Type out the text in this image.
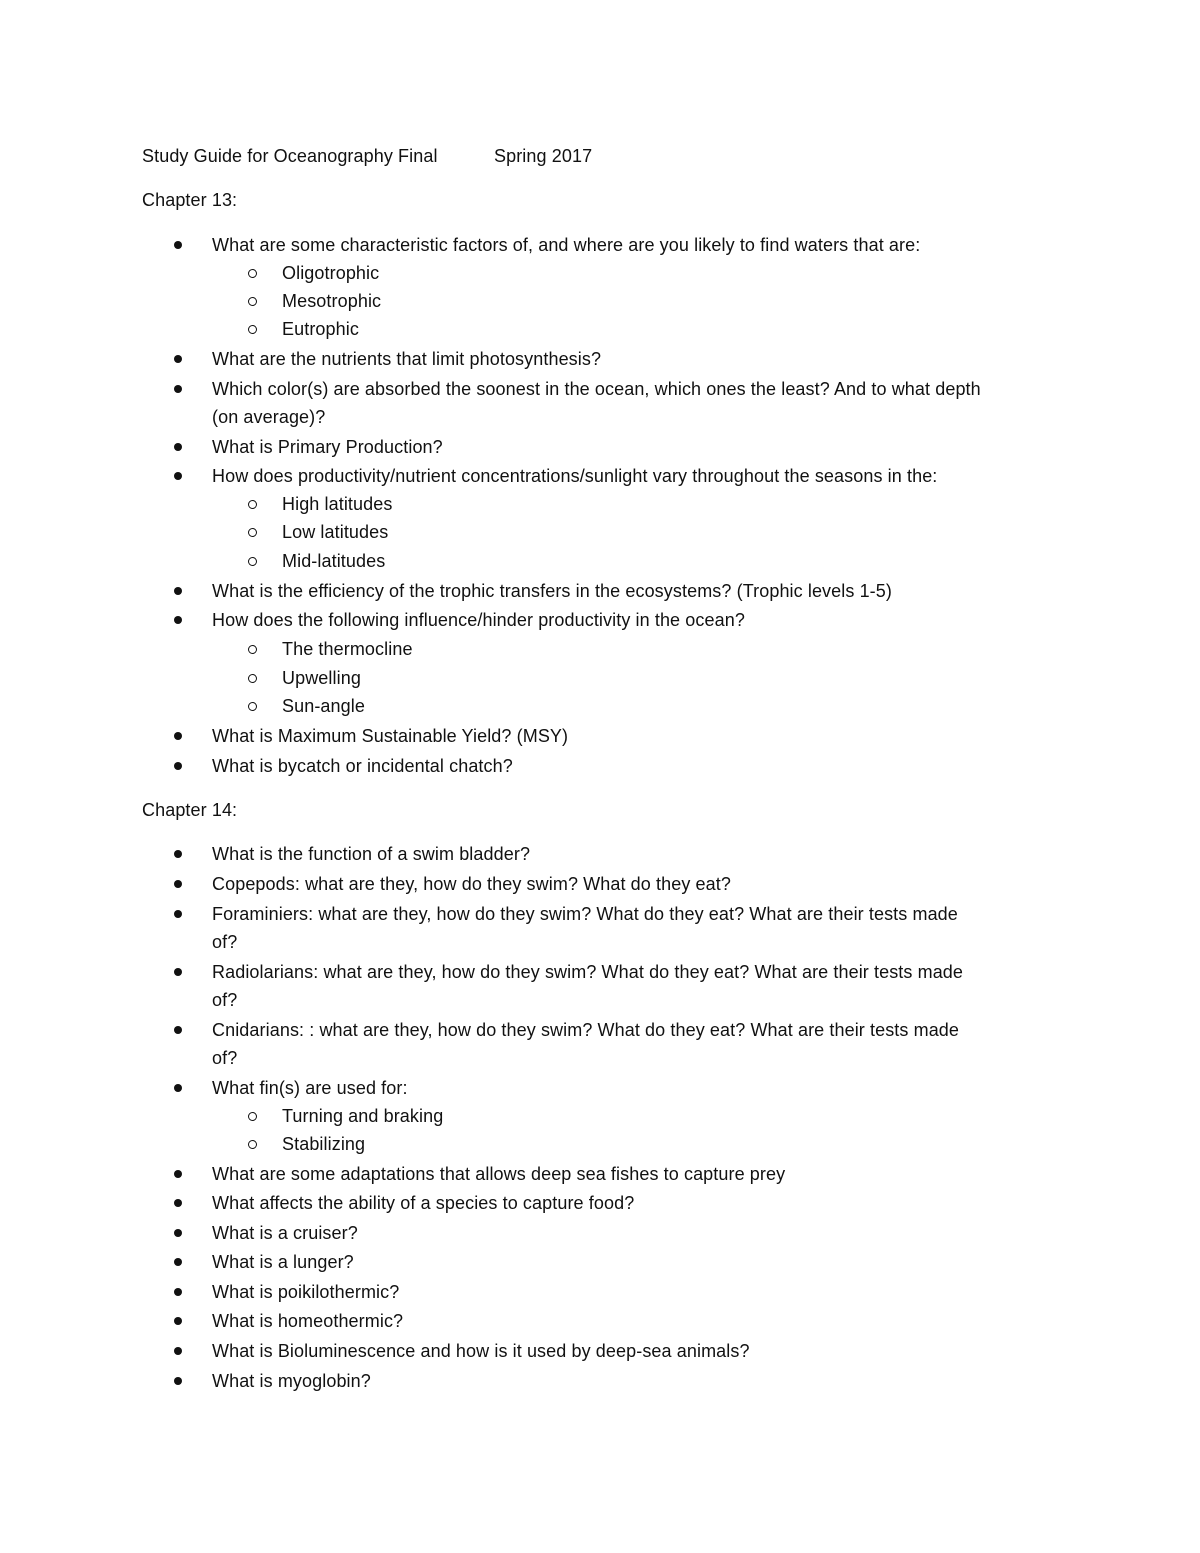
Study Guide for Oceanography Final	Spring 2017
Chapter 13:
What are some characteristic factors of, and where are you likely to find waters that are:
Oligotrophic
Mesotrophic
Eutrophic
What are the nutrients that limit photosynthesis?
Which color(s) are absorbed the soonest in the ocean, which ones the least? And to what depth
(on average)?
What is Primary Production?
How does productivity/nutrient concentrations/sunlight vary throughout the seasons in the:
High latitudes
Low latitudes
Mid-latitudes
What is the efficiency of the trophic transfers in the ecosystems? (Trophic levels 1-5)
How does the following influence/hinder productivity in the ocean?
The thermocline
Upwelling
Sun-angle
What is Maximum Sustainable Yield? (MSY)
What is bycatch or incidental chatch?
Chapter 14:
What is the function of a swim bladder?
Copepods: what are they, how do they swim? What do they eat?
Foraminiers: what are they, how do they swim? What do they eat? What are their tests made
of?
Radiolarians: what are they, how do they swim? What do they eat? What are their tests made
of?
Cnidarians: : what are they, how do they swim? What do they eat? What are their tests made
of?
What fin(s) are used for:
Turning and braking
Stabilizing
What are some adaptations that allows deep sea fishes to capture prey
What affects the ability of a species to capture food?
What is a cruiser?
What is a lunger?
What is poikilothermic?
What is homeothermic?
What is Bioluminescence and how is it used by deep-sea animals?
What is myoglobin?
